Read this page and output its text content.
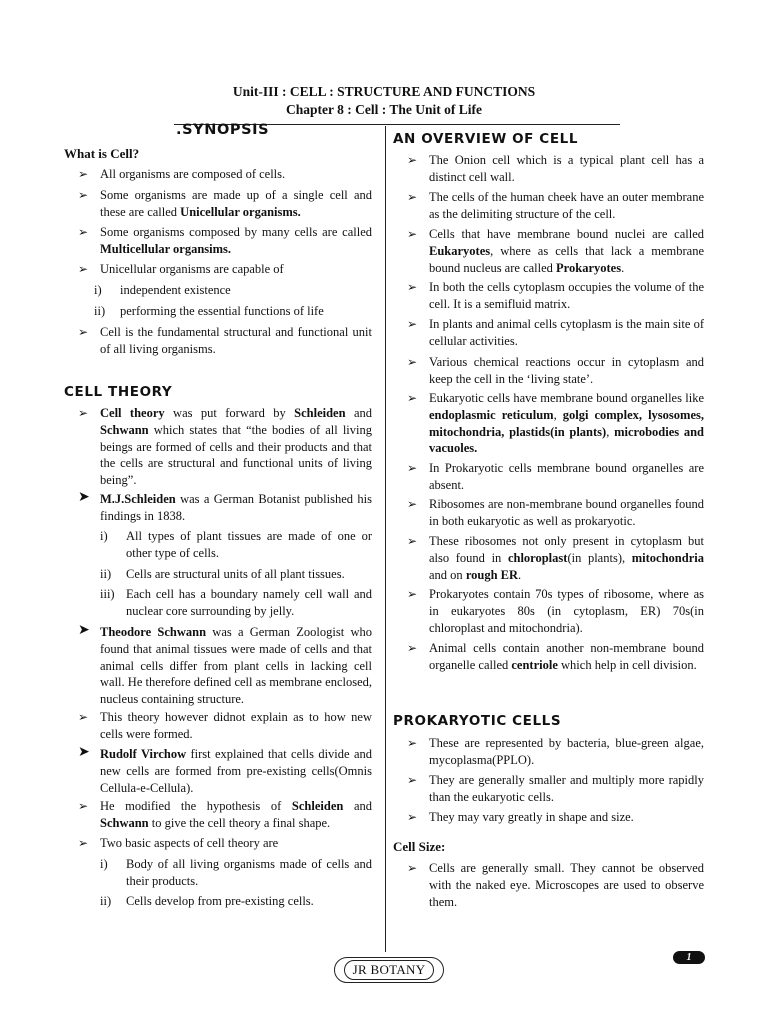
Unit-III : CELL : STRUCTURE AND FUNCTIONS
Chapter 8 : Cell : The Unit of Life
.SYNOPSIS
What is Cell?
➢ All organisms are composed of cells.
➢ Some organisms are made up of a single cell and these are called Unicellular organisms.
➢ Some organisms composed by many cells are called Multicellular organsims.
➢ Unicellular organisms are capable of
i) independent existence
ii) performing the essential functions of life
➢ Cell is the fundamental structural and functional unit of all living organisms.
CELL THEORY
➢ Cell theory was put forward by Schleiden and Schwann which states that “the bodies of all living beings are formed of cells and their products and that the cells are structural and functional units of living being”.
➤ M.J.Schleiden was a German Botanist published his findings in 1838.
i) All types of plant tissues are made of one or other type of cells.
ii) Cells are structural units of all plant tissues.
iii) Each cell has a boundary namely cell wall and nuclear core surrounding by jelly.
➤ Theodore Schwann was a German Zoologist who found that animal tissues were made of cells and that animal cells differ from plant cells in lacking cell wall. He therefore defined cell as membrane enclosed, nucleus containing structure.
➢ This theory however didnot explain as to how new cells were formed.
➤ Rudolf Virchow first explained that cells divide and new cells are formed from pre-existing cells(Omnis Cellula-e-Cellula).
➢ He modified the hypothesis of Schleiden and Schwann to give the cell theory a final shape.
➢ Two basic aspects of cell theory are
i) Body of all living organisms made of cells and their products.
ii) Cells develop from pre-existing cells.
AN OVERVIEW OF CELL
➢ The Onion cell which is a typical plant cell has a distinct cell wall.
➢ The cells of the human cheek have an outer membrane as the delimiting structure of the cell.
➢ Cells that have membrane bound nuclei are called Eukaryotes, where as cells that lack a membrane bound nucleus are called Prokaryotes.
➢ In both the cells cytoplasm occupies the volume of the cell. It is a semifluid matrix.
➢ In plants and animal cells cytoplasm is the main site of cellular activities.
➢ Various chemical reactions occur in cytoplasm and keep the cell in the ‘living state’.
➢ Eukaryotic cells have membrane bound organelles like endoplasmic reticulum, golgi complex, lysosomes, mitochondria, plastids(in plants), microbodies and vacuoles.
➢ In Prokaryotic cells membrane bound organelles are absent.
➢ Ribosomes are non-membrane bound organelles found in both eukaryotic as well as prokaryotic.
➢ These ribosomes not only present in cytoplasm but also found in chloroplast(in plants), mitochondria and on rough ER.
➢ Prokaryotes contain 70s types of ribosome, where as in eukaryotes 80s (in cytoplasm, ER) 70s(in chloroplast and mitochondria).
➢ Animal cells contain another non-membrane bound organelle called centriole which help in cell division.
PROKARYOTIC CELLS
➢ These are represented by bacteria, blue-green algae, mycoplasma(PPLO).
➢ They are generally smaller and multiply more rapidly than the eukaryotic cells.
➢ They may vary greatly in shape and size.
Cell Size:
➢ Cells are generally small. They cannot be observed with the naked eye. Microscopes are used to observe them.
JR BOTANY
1
